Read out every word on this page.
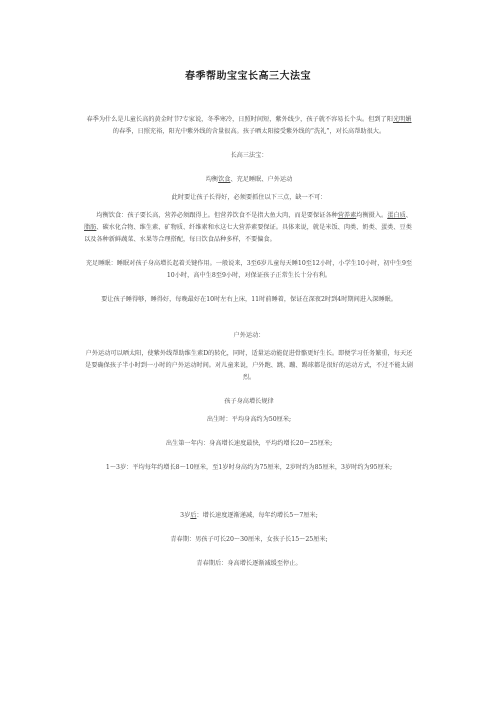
春季帮助宝宝长高三大法宝
春季为什么是儿童长高的黄金时节?专家说，冬季寒冷，日照时间短，紫外线少，孩子就不容易长个头。但到了阳光明媚的春季，日照充裕，阳光中紫外线的含量很高。孩子晒太阳接受紫外线的“洗礼”，对长高帮助很大。
长高三法宝：
均衡饮食、充足睡眠、户外运动
此时要让孩子长得好，必须要抓住以下三点，缺一不可：
均衡饮食：孩子要长高，营养必须跟得上。但营养饮食不是指大鱼大肉，而是要保证各种营养素均衡摄入。蛋白质、脂肪、碳水化合物、维生素、矿物质、纤维素和水这七大营养素要保证。具体来说，就是米饭、肉类、奶类、蛋类、豆类以及各种新鲜蔬菜、水果等合理搭配，每日饮食品种多样，不要偏食。
充足睡眠：睡眠对孩子身高增长起着关键作用。一般说来，3至6岁儿童每天睡10至12小时，小学生10小时，初中生9至10小时，高中生8至9小时，对保证孩子正常生长十分有利。
要让孩子睡得够，睡得好，每晚最好在10时左右上床，11时前睡着，保证在深夜2时到4时期间进入深睡眠。
户外运动：
户外运动可以晒太阳，使紫外线帮助维生素D的转化，同时，适量运动能促进骨骼更好生长。即便学习任务繁重，每天还是要确保孩子半小时到一小时的户外运动时间。对儿童来说，户外跑、跳、蹦、踢球都是很好的运动方式，不过不能太剧烈。
孩子身高增长规律
出生时：平均身高约为50厘米;
出生第一年内：身高增长速度最快，平均约增长20～25厘米;
1～3岁：平均每年约增长8～10厘米，至1岁时身高约为75厘米，2岁时约为85厘米，3岁时约为95厘米;
3岁后：增长速度逐渐递减，每年约增长5～7厘米;
青春期：男孩子可长20～30厘米，女孩子长15～25厘米;
青春期后：身高增长逐渐减缓至停止。
